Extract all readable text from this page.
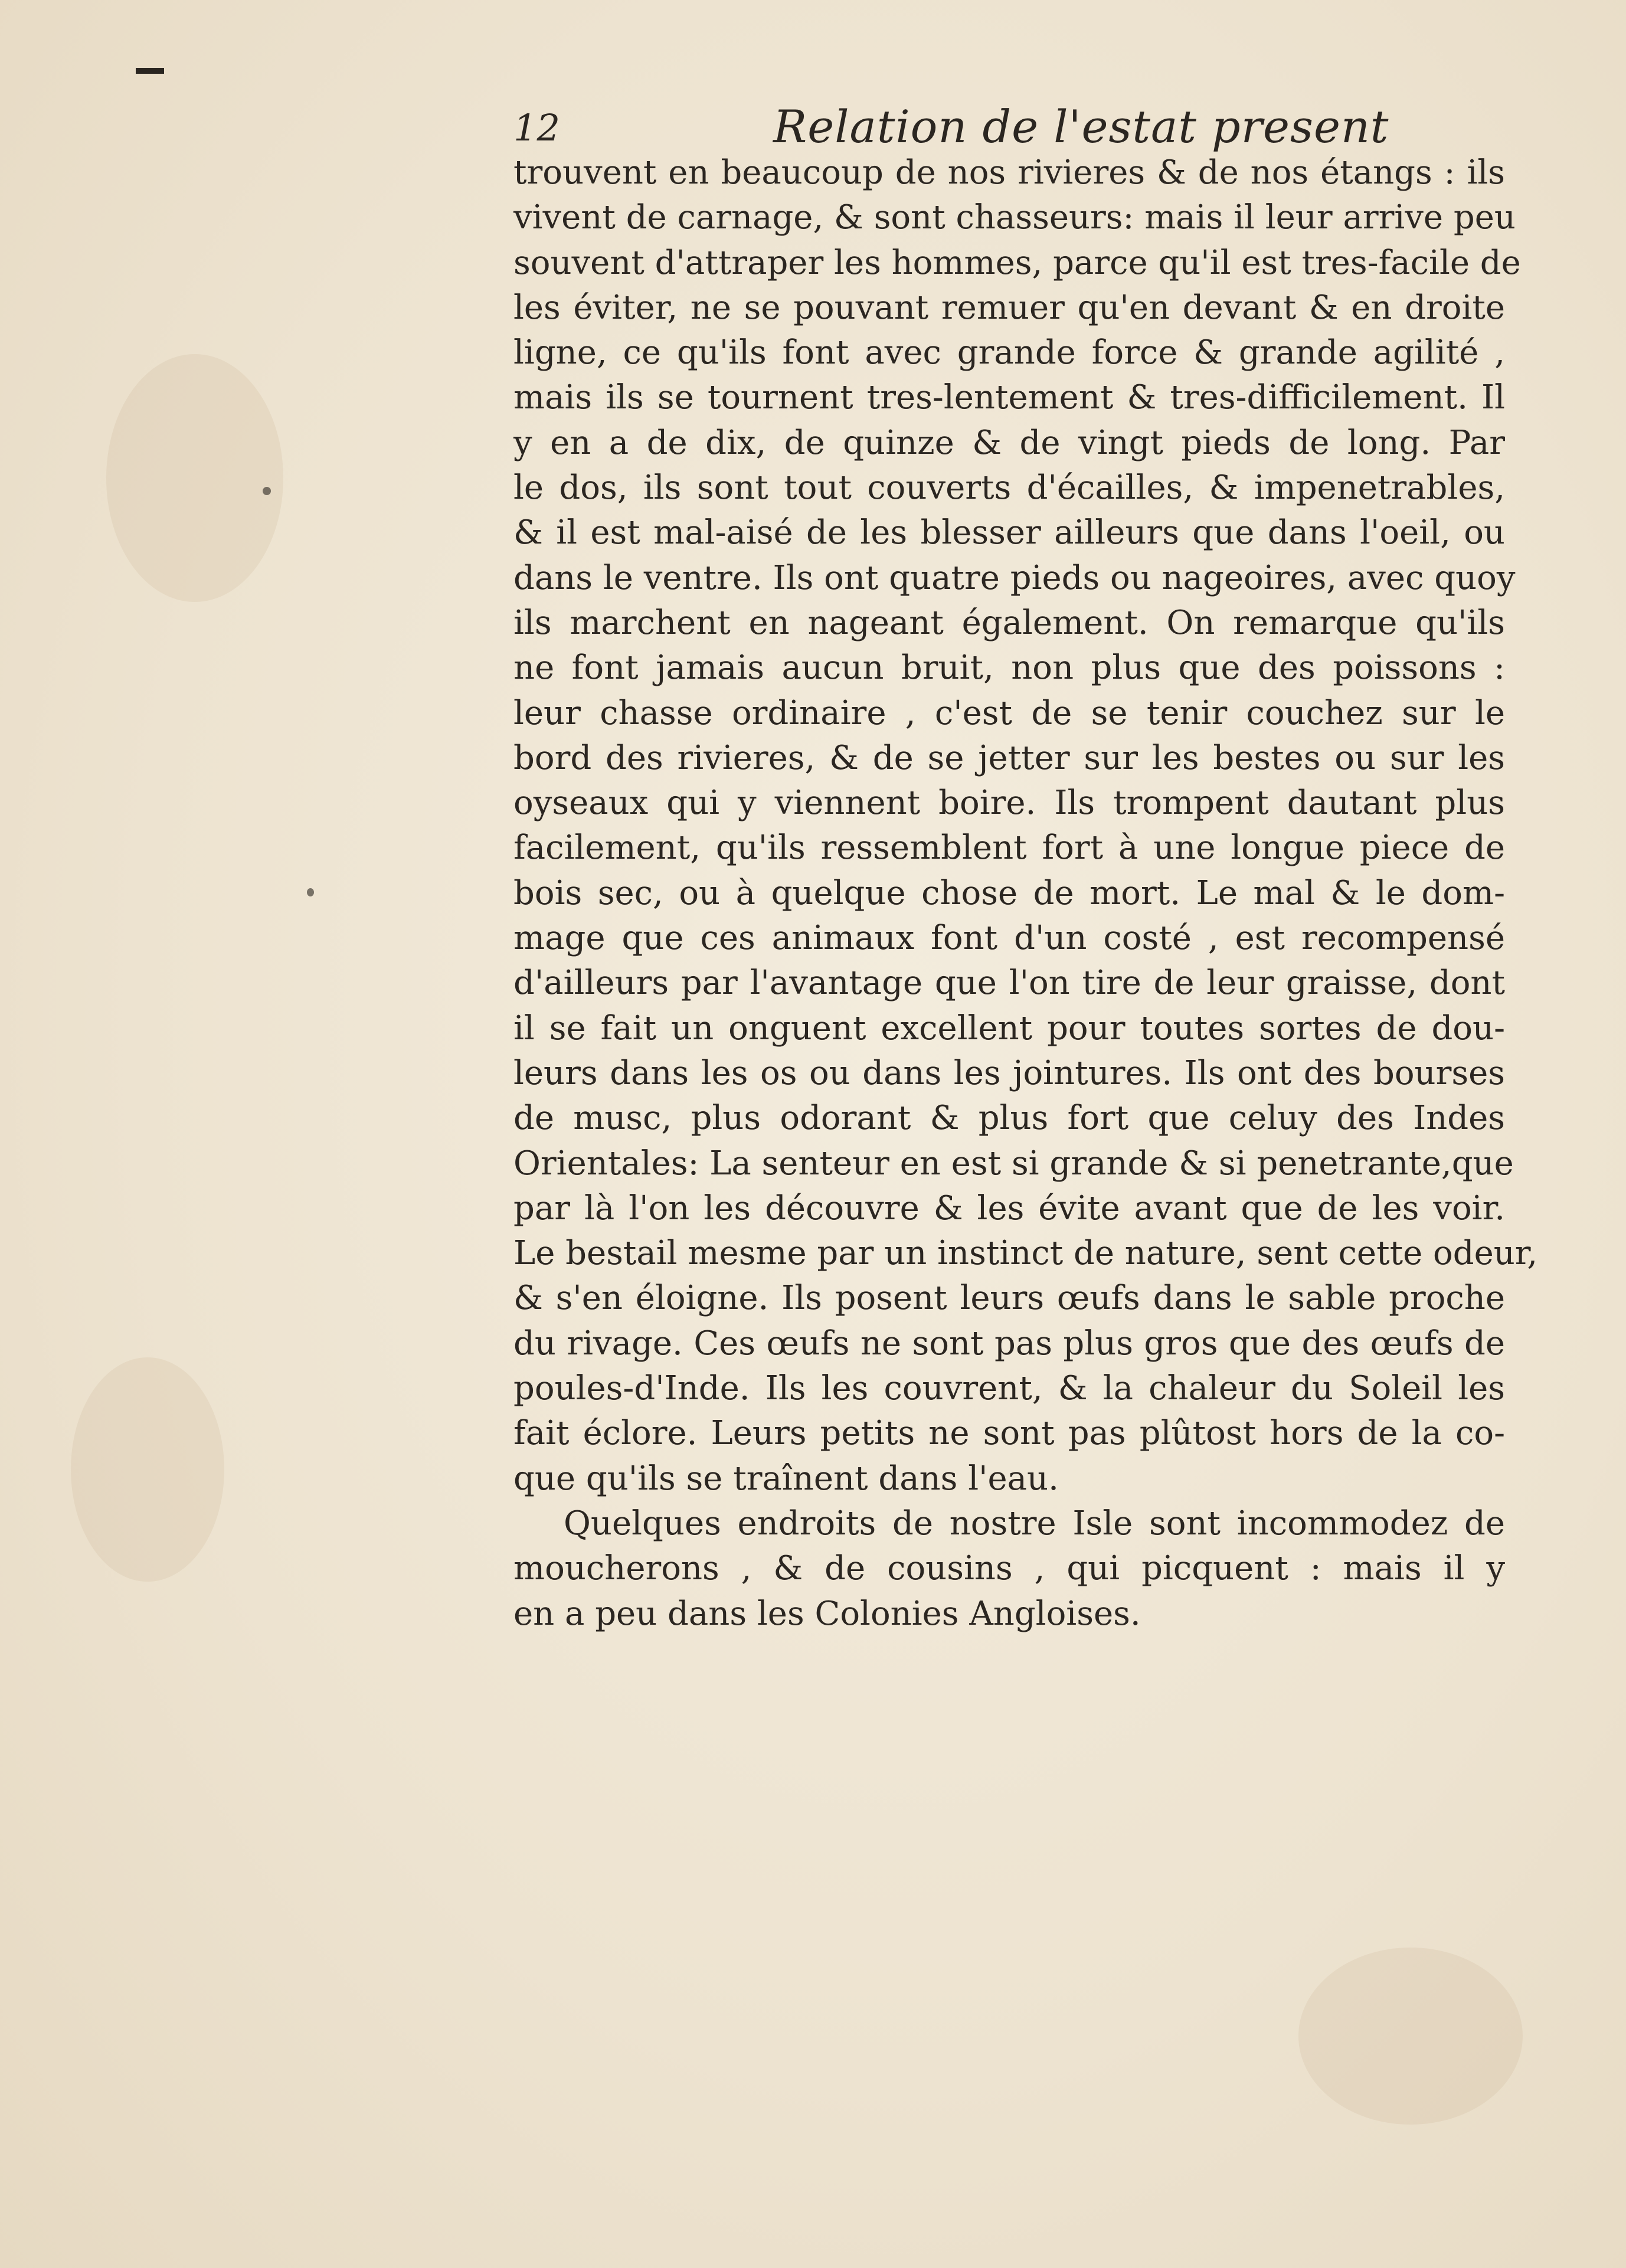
12	Relation de l'estat present
trouvent en beaucoup de nos rivieres & de nos étangs : ils
vivent de carnage, & sont chasseurs: mais il leur arrive peu
souvent d'attraper les hommes, parce qu'il est tres-facile de
les éviter, ne se pouvant remuer qu'en devant & en droite
ligne, ce qu'ils font avec grande force & grande agilité ,
mais ils se tournent tres-lentement & tres-difficilement. Il
y en a de dix, de quinze & de vingt pieds de long. Par
le dos, ils sont tout couverts d'écailles, & impenetrables,
& il est mal-aisé de les blesser ailleurs que dans l'oeil, ou
dans le ventre. Ils ont quatre pieds ou nageoires, avec quoy
ils marchent en nageant également. On remarque qu'ils
ne font jamais aucun bruit, non plus que des poissons :
leur chasse ordinaire , c'est de se tenir couchez sur le
bord des rivieres, & de se jetter sur les bestes ou sur les
oyseaux qui y viennent boire. Ils trompent dautant plus
facilement, qu'ils ressemblent fort à une longue piece de
bois sec, ou à quelque chose de mort. Le mal & le dom-
mage que ces animaux font d'un costé , est recompensé
d'ailleurs par l'avantage que l'on tire de leur graisse, dont
il se fait un onguent excellent pour toutes sortes de dou-
leurs dans les os ou dans les jointures. Ils ont des bourses
de musc, plus odorant & plus fort que celuy des Indes
Orientales: La senteur en est si grande & si penetrante,que
par là l'on les découvre & les évite avant que de les voir.
Le bestail mesme par un instinct de nature, sent cette odeur,
& s'en éloigne. Ils posent leurs œufs dans le sable proche
du rivage. Ces œufs ne sont pas plus gros que des œufs de
poules-d'Inde. Ils les couvrent, & la chaleur du Soleil les
fait éclore. Leurs petits ne sont pas plûtost hors de la co-
que qu'ils se traînent dans l'eau.
Quelques endroits de nostre Isle sont incommodez de
moucherons , & de cousins , qui picquent : mais il y
en a peu dans les Colonies Angloises.
